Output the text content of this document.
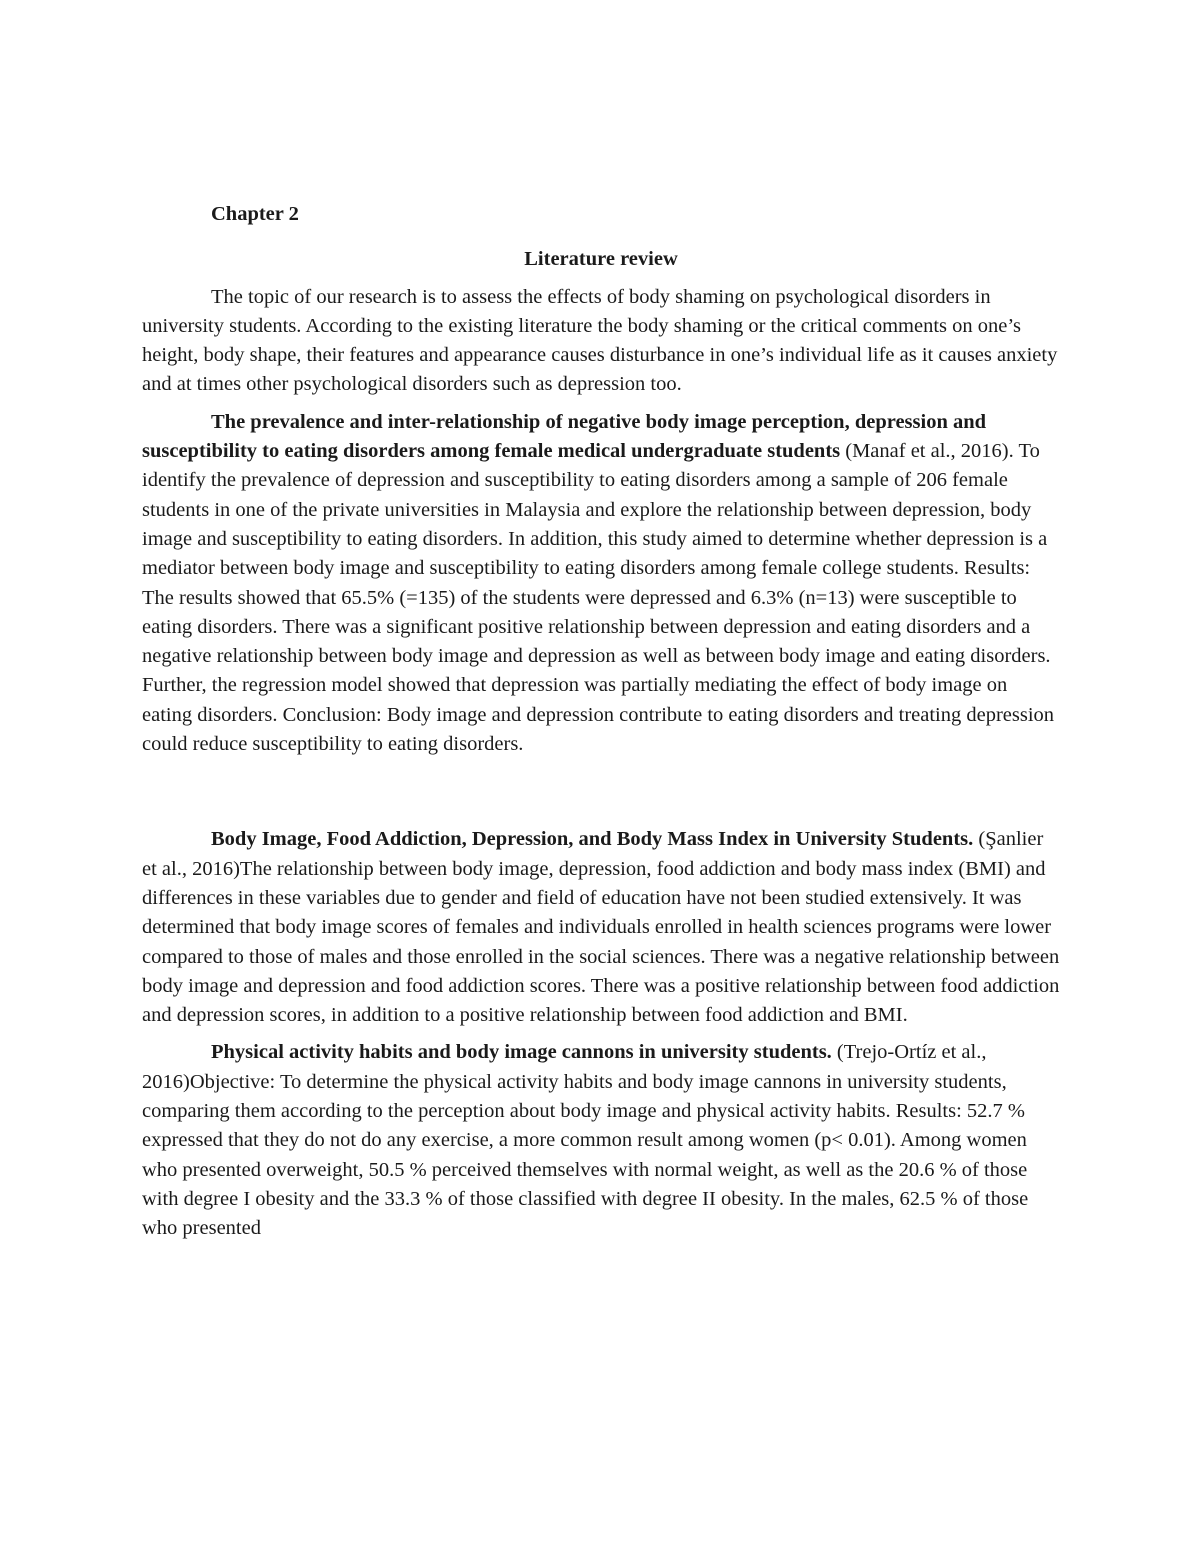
Chapter 2

Literature review

The topic of our research is to assess the effects of body shaming on psychological disorders in university students. According to the existing literature the body shaming or the critical comments on one’s height, body shape, their features and appearance causes disturbance in one’s individual life as it causes anxiety and at times other psychological disorders such as depression too.

The prevalence and inter-relationship of negative body image perception, depression and susceptibility to eating disorders among female medical undergraduate students (Manaf et al., 2016). To identify the prevalence of depression and susceptibility to eating disorders among a sample of 206 female students in one of the private universities in Malaysia and explore the relationship between depression, body image and susceptibility to eating disorders. In addition, this study aimed to determine whether depression is a mediator between body image and susceptibility to eating disorders among female college students. Results: The results showed that 65.5% (=135) of the students were depressed and 6.3% (n=13) were susceptible to eating disorders. There was a significant positive relationship between depression and eating disorders and a negative relationship between body image and depression as well as between body image and eating disorders. Further, the regression model showed that depression was partially mediating the effect of body image on eating disorders. Conclusion: Body image and depression contribute to eating disorders and treating depression could reduce susceptibility to eating disorders.

Body Image, Food Addiction, Depression, and Body Mass Index in University Students. (Şanlier et al., 2016)The relationship between body image, depression, food addiction and body mass index (BMI) and differences in these variables due to gender and field of education have not been studied extensively. It was determined that body image scores of females and individuals enrolled in health sciences programs were lower compared to those of males and those enrolled in the social sciences. There was a negative relationship between body image and depression and food addiction scores. There was a positive relationship between food addiction and depression scores, in addition to a positive relationship between food addiction and BMI.

Physical activity habits and body image cannons in university students. (Trejo-Ortíz et al., 2016)Objective: To determine the physical activity habits and body image cannons in university students, comparing them according to the perception about body image and physical activity habits. Results: 52.7 % expressed that they do not do any exercise, a more common result among women (p< 0.01). Among women who presented overweight, 50.5 % perceived themselves with normal weight, as well as the 20.6 % of those with degree I obesity and the 33.3 % of those classified with degree II obesity. In the males, 62.5 % of those who presented
